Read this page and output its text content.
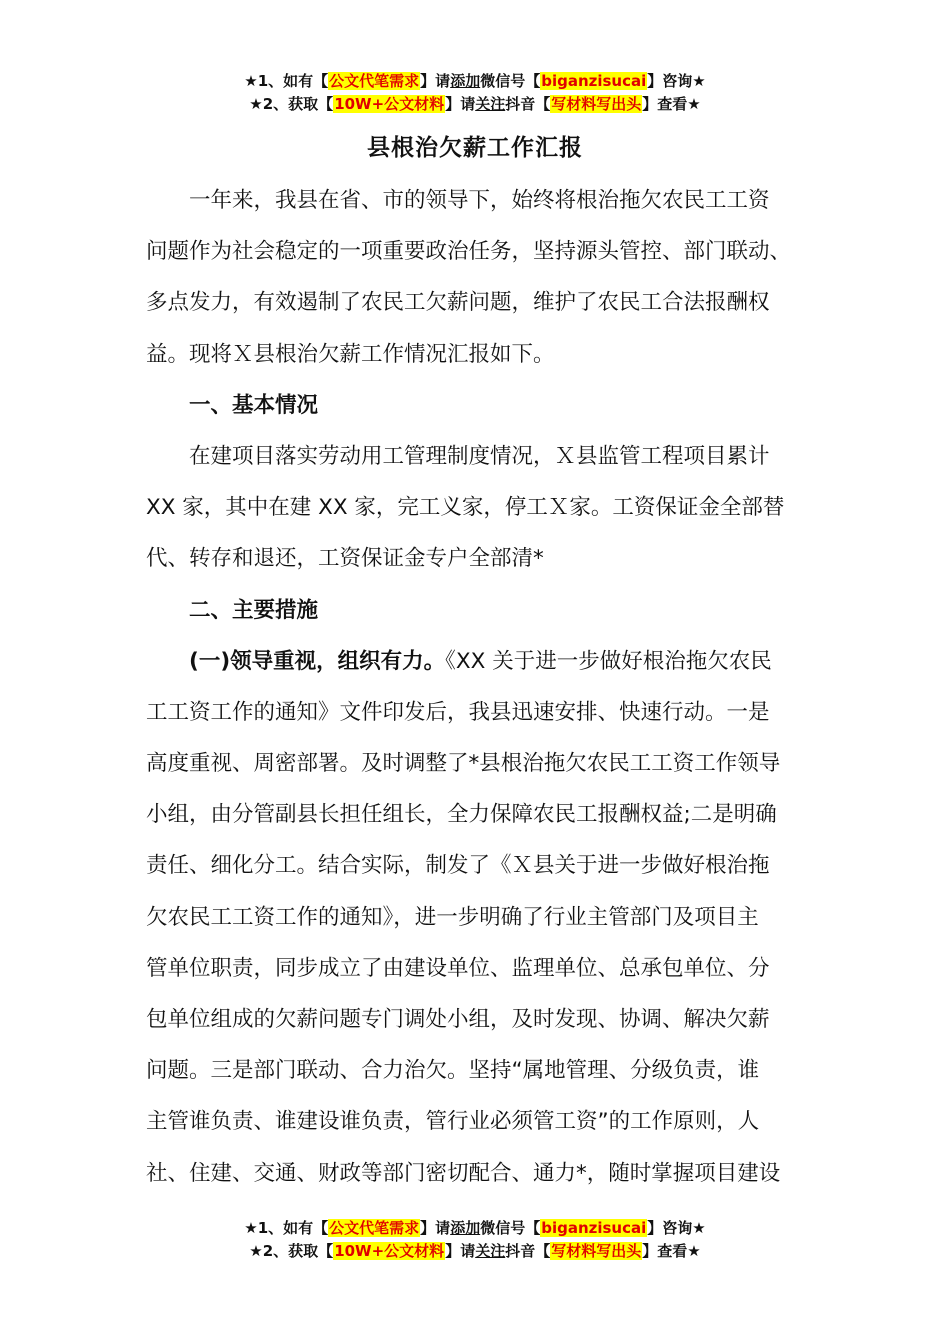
★1、如有【公文代笔需求】请添加微信号【biganzisucai】咨询★
★2、获取【10W+公文材料】请关注抖音【写材料写出头】查看★
县根治欠薪工作汇报
一年来，我县在省、市的领导下，始终将根治拖欠农民工工资
问题作为社会稳定的一项重要政治任务，坚持源头管控、部门联动、
多点发力，有效遏制了农民工欠薪问题，维护了农民工合法报酬权
益。现将Ｘ县根治欠薪工作情况汇报如下。
一、基本情况
在建项目落实劳动用工管理制度情况，Ｘ县监管工程项目累计
XX 家，其中在建 XX 家，完工义家，停工Ｘ家。工资保证金全部替
代、转存和退还，工资保证金专户全部清*
二、主要措施
(一)领导重视，组织有力。《XX 关于进一步做好根治拖欠农民
工工资工作的通知》文件印发后，我县迅速安排、快速行动。一是
高度重视、周密部署。及时调整了*县根治拖欠农民工工资工作领导
小组，由分管副县长担任组长，全力保障农民工报酬权益;二是明确
责任、细化分工。结合实际，制发了《Ｘ县关于进一步做好根治拖
欠农民工工资工作的通知》，进一步明确了行业主管部门及项目主
管单位职责，同步成立了由建设单位、监理单位、总承包单位、分
包单位组成的欠薪问题专门调处小组，及时发现、协调、解决欠薪
问题。三是部门联动、合力治欠。坚持“属地管理、分级负责，谁
主管谁负责、谁建设谁负责，管行业必须管工资”的工作原则，人
社、住建、交通、财政等部门密切配合、通力*，随时掌握项目建设
★1、如有【公文代笔需求】请添加微信号【biganzisucai】咨询★
★2、获取【10W+公文材料】请关注抖音【写材料写出头】查看★
